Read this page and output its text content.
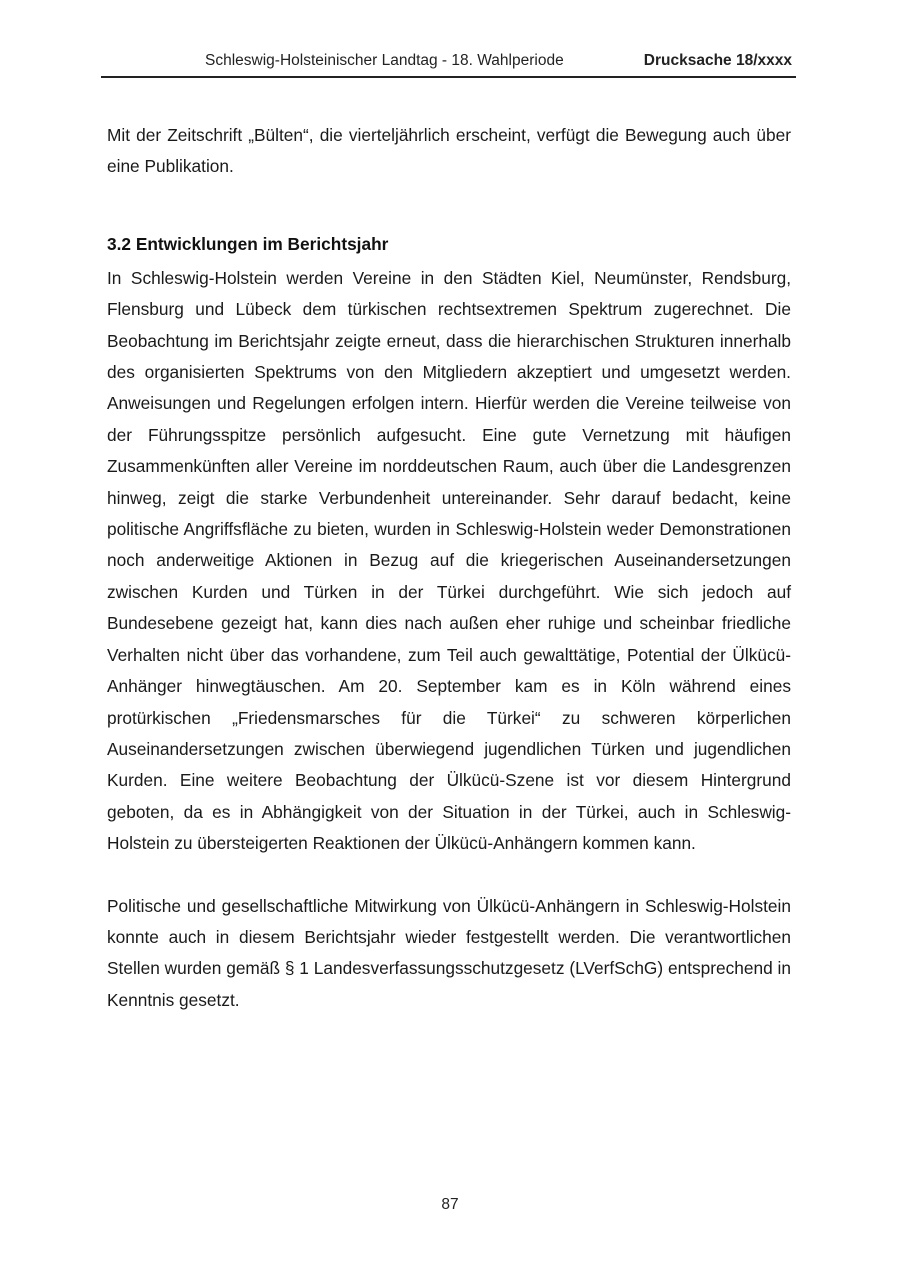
Schleswig-Holsteinischer Landtag - 18. Wahlperiode	Drucksache 18/xxxx

Mit der Zeitschrift „Bülten“, die vierteljährlich erscheint, verfügt die Bewegung auch über eine Publikation.

3.2 Entwicklungen im Berichtsjahr

In Schleswig-Holstein werden Vereine in den Städten Kiel, Neumünster, Rendsburg, Flensburg und Lübeck dem türkischen rechtsextremen Spektrum zugerechnet. Die Beobachtung im Berichtsjahr zeigte erneut, dass die hierarchischen Strukturen innerhalb des organisierten Spektrums von den Mitgliedern akzeptiert und umgesetzt werden. Anweisungen und Regelungen erfolgen intern. Hierfür werden die Vereine teilweise von der Führungsspitze persönlich aufgesucht. Eine gute Vernetzung mit häufigen Zusammenkünften aller Vereine im norddeutschen Raum, auch über die Landesgrenzen hinweg, zeigt die starke Verbundenheit untereinander. Sehr darauf bedacht, keine politische Angriffsfläche zu bieten, wurden in Schleswig-Holstein weder Demonstrationen noch anderweitige Aktionen in Bezug auf die kriegerischen Auseinandersetzungen zwischen Kurden und Türken in der Türkei durchgeführt. Wie sich jedoch auf Bundesebene gezeigt hat, kann dies nach außen eher ruhige und scheinbar friedliche Verhalten nicht über das vorhandene, zum Teil auch gewalttätige, Potential der Ülkücü-Anhänger hinwegtäuschen. Am 20. September kam es in Köln während eines protürkischen „Friedensmarsches für die Türkei“ zu schweren körperlichen Auseinandersetzungen zwischen überwiegend jugendlichen Türken und jugendlichen Kurden. Eine weitere Beobachtung der Ülkücü-Szene ist vor diesem Hintergrund geboten, da es in Abhängigkeit von der Situation in der Türkei, auch in Schleswig-Holstein zu übersteigerten Reaktionen der Ülkücü-Anhängern kommen kann.

Politische und gesellschaftliche Mitwirkung von Ülkücü-Anhängern in Schleswig-Holstein konnte auch in diesem Berichtsjahr wieder festgestellt werden. Die verantwortlichen Stellen wurden gemäß § 1 Landesverfassungsschutzgesetz (LVerfSchG) entsprechend in Kenntnis gesetzt.

87
